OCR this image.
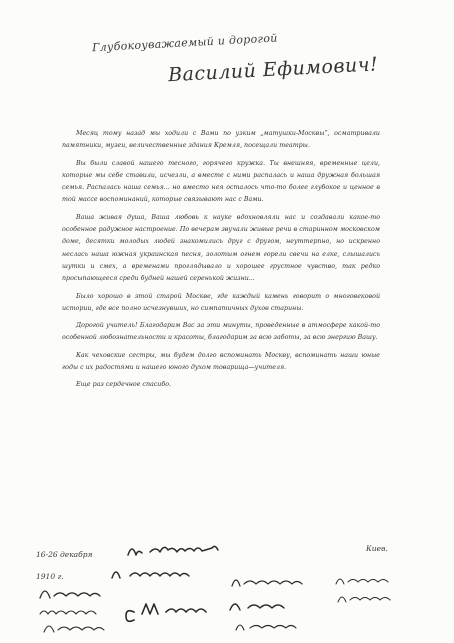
Глубокоуважаемый и дорогой
Василий Ефимович!

Месяц тому назад мы ходили с Вами по узким „матушки-Москвы“, осматривали памятники, музеи, величественные здания Кремля, посещали театры.

Вы были славой нашего тесного, горячего кружка. Ты внешняя, временные цели, которые мы себе ставили, исчезли, а вместе с ними распалась и наша дружная большая семья. Распалась наша семья... но вместо нея осталось что-то более глубокое и ценное в той массе воспоминаний, которые связывают нас с Вами.

Ваша живая душа, Ваша любовь к науке вдохновляли нас и создавали какое-то особенное радужное настроение. По вечерам звучали живые речи в стариннoм московском доме, десятки молодых людей знакомились друг с другом, неуттерпно, но искренно неслась наша южная украинская песня, золотым огнем горели свечи на елке, слышались шутки и смех, а временами проглядывало и хорошее грустное чувство, так редко просыпающееся среди будней нашей серенькой жизни...

Было хорошо в этой старой Москве, где каждый камень говорит о многовековой истории, где все полно исчезнувших, но симпатичных духов старины.

Дорогой учитель! Благодарим Вас за эти минуты, проведенные в атмосфере какой-то особенной любознательности и красоты, благодарим за всю заботы, за всю энергию Вашу.

Как чеховские сестры, мы будем долго вспоминать Москву, вспоминать наши юные годы с их радостями и нашего юного духом товарища—учителя.

Еще раз сердечное спасибо.

16-26 декабря
1910 г.
Киев.
